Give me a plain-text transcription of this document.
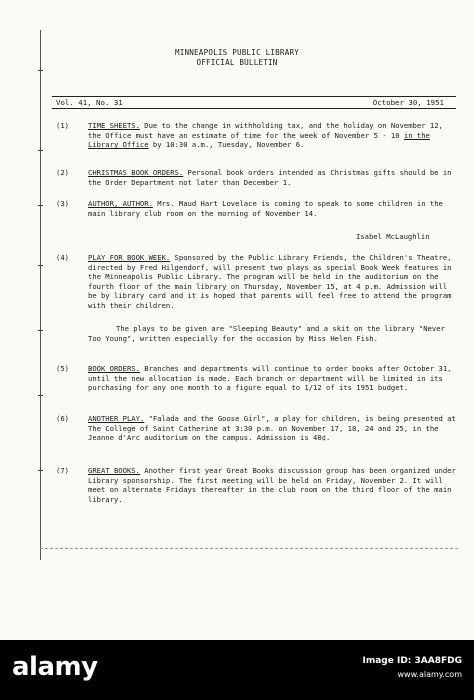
MINNEAPOLIS PUBLIC LIBRARY
OFFICIAL BULLETIN
Vol. 41, No. 31	October 30, 1951
(1)	TIME SHEETS. Due to the change in withholding tax, and the holiday on November 12, the Office must have an estimate of time for the week of November 5 - 10 in the Library Office by 10:30 a.m., Tuesday, November 6.
(2)	CHRISTMAS BOOK ORDERS. Personal book orders intended as Christmas gifts should be in the Order Department not later than December 1.
(3)	AUTHOR, AUTHOR. Mrs. Maud Hart Lovelace is coming to speak to some children in the main library club room on the morning of November 14.
Isabel McLaughlin
(4)	PLAY FOR BOOK WEEK. Sponsored by the Public Library Friends, the Children's Theatre, directed by Fred Hilgendorf, will present two plays as special Book Week features in the Minneapolis Public Library. The program will be held in the auditorium on the fourth floor of the main library on Thursday, November 15, at 4 p.m. Admission will be by library card and it is hoped that parents will feel free to attend the program with their children.
The plays to be given are "Sleeping Beauty" and a skit on the library "Never Too Young", written especially for the occasion by Miss Helen Fish.
(5)	BOOK ORDERS. Branches and departments will continue to order books after October 31, until the new allocation is made. Each branch or department will be limited in its purchasing for any one month to a figure equal to 1/12 of its 1951 budget.
(6)	ANOTHER PLAY. "Falada and the Goose Girl", a play for children, is being presented at The College of Saint Catherine at 3:30 p.m. on November 17, 18, 24 and 25, in the Jeanne d'Arc auditorium on the campus. Admission is 40¢.
(7)	GREAT BOOKS. Another first year Great Books discussion group has been organized under Library sponsorship. The first meeting will be held on Friday, November 2. It will meet on alternate Fridays thereafter in the club room on the third floor of the main library.
alamy	Image ID: 3AA8FDG
www.alamy.com
